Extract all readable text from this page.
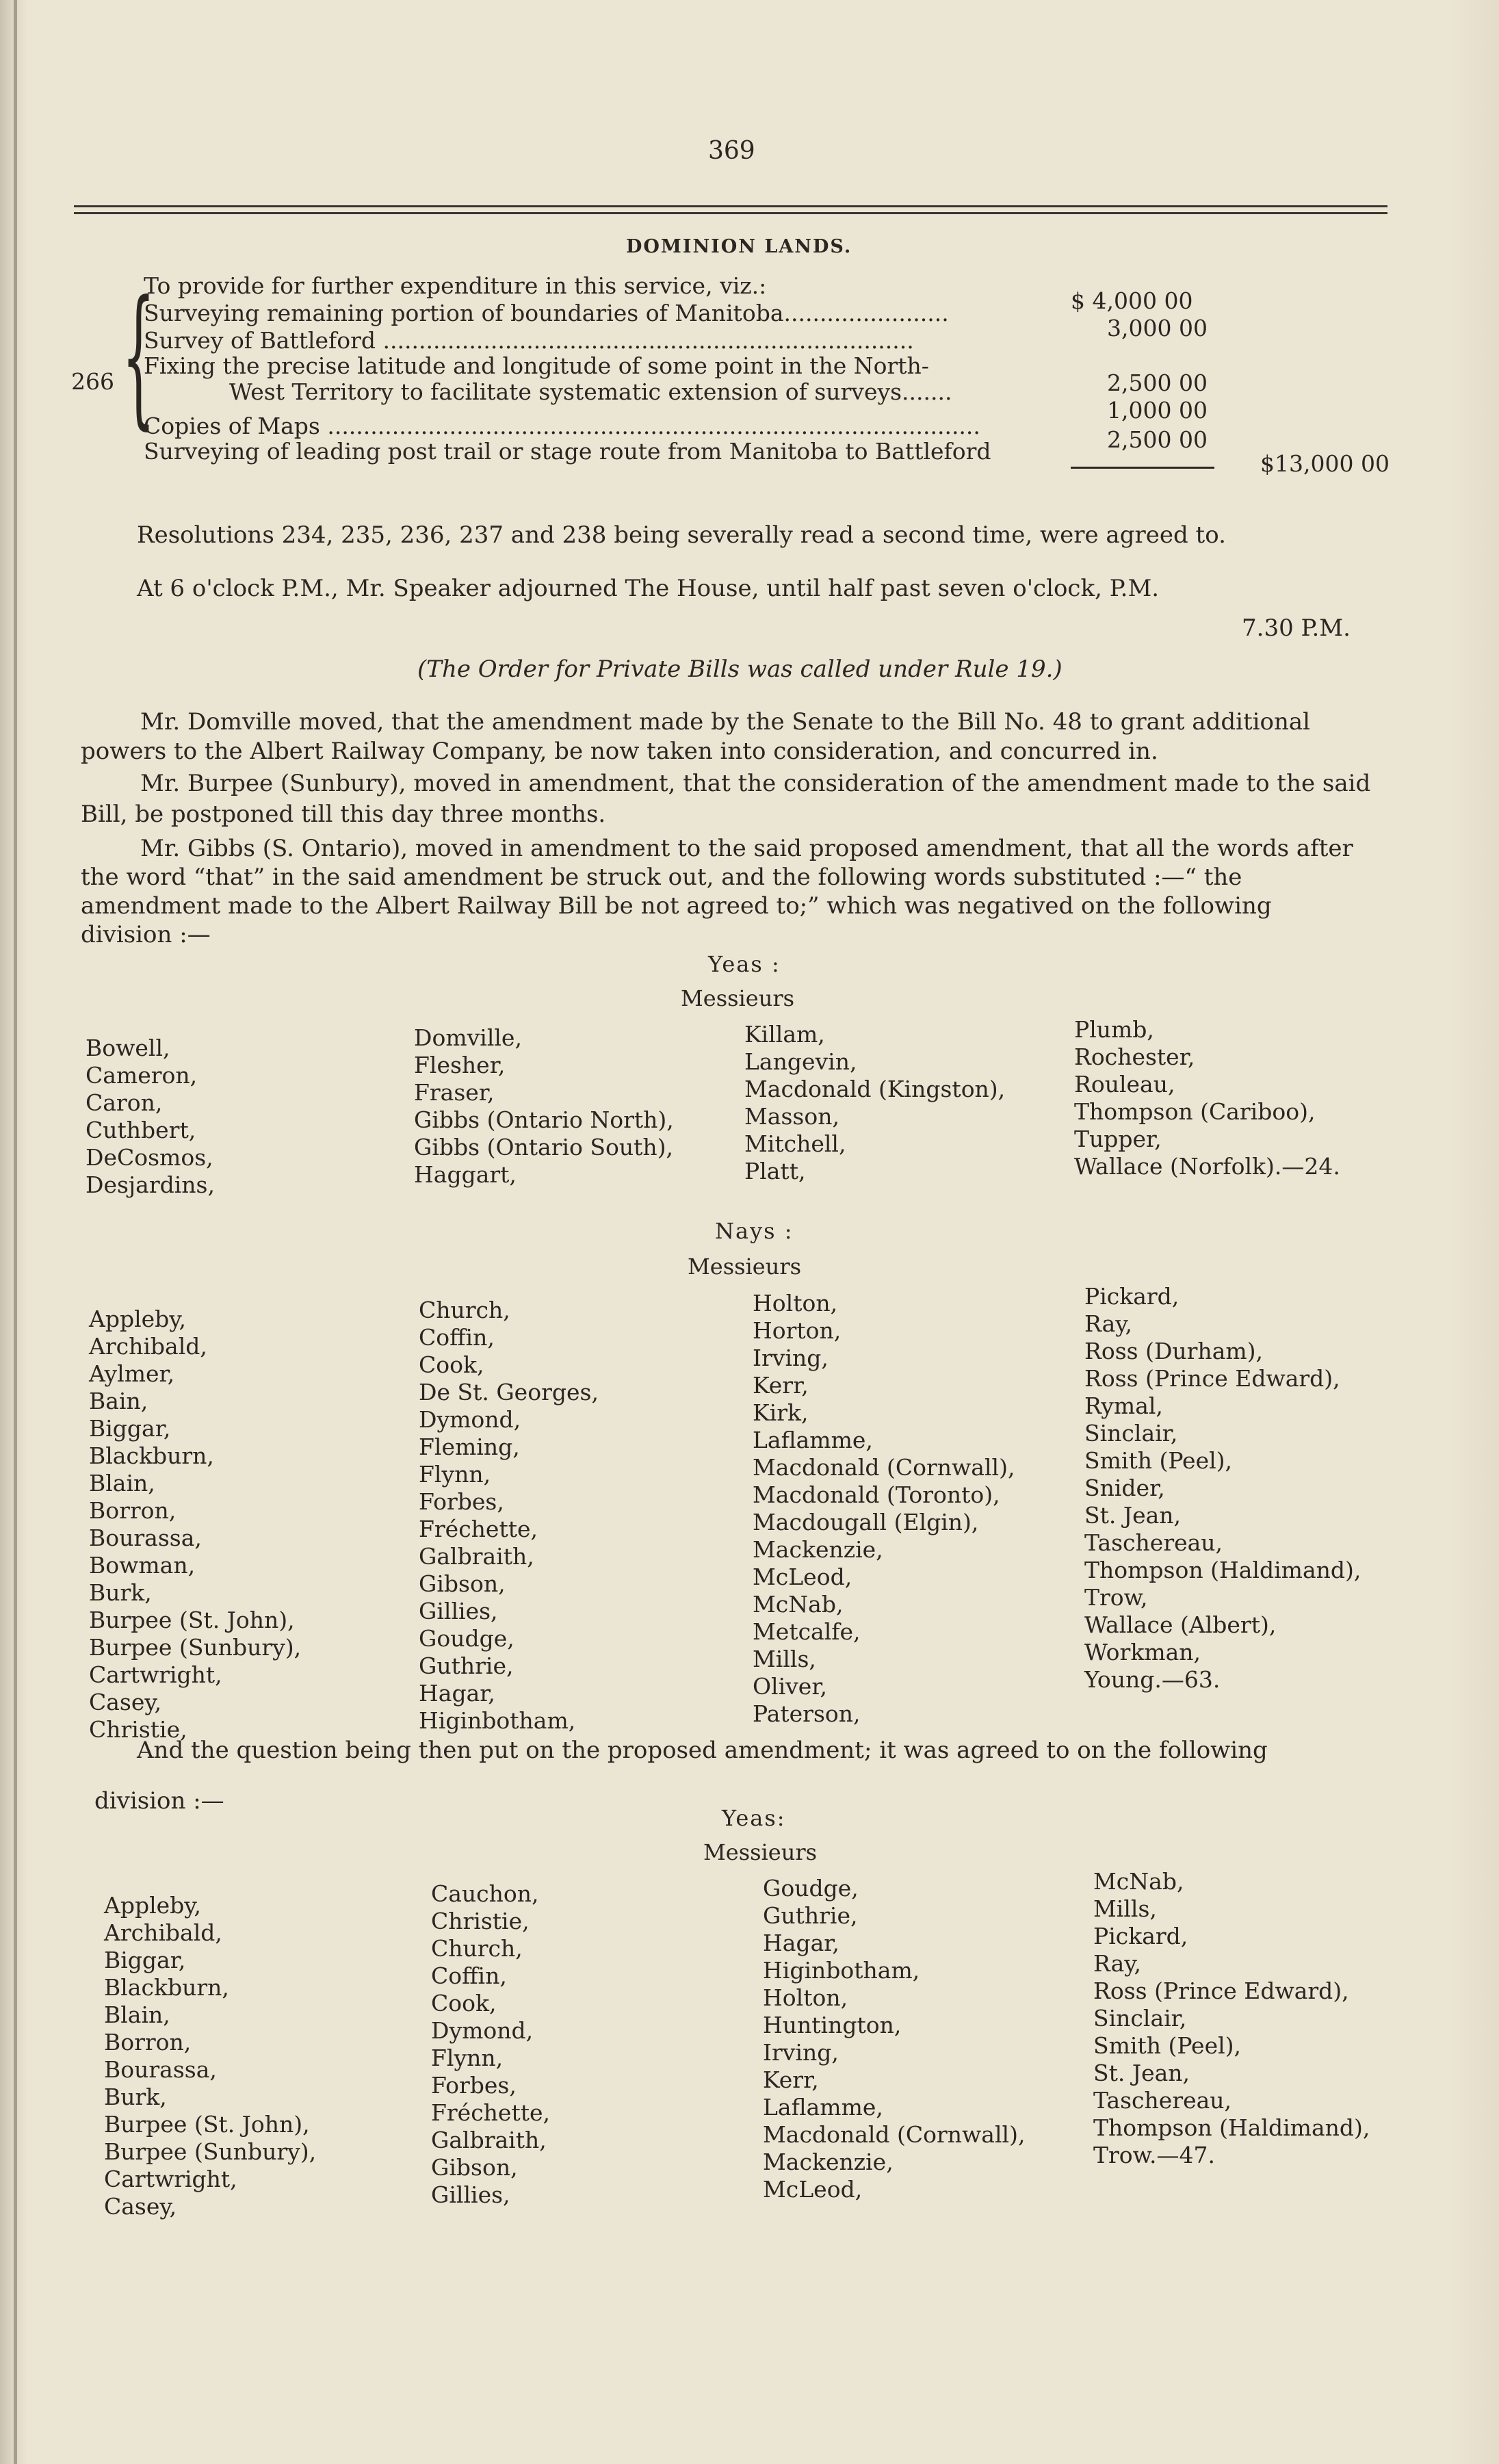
369
DOMINION LANDS.
266 {
To provide for further expenditure in this service, viz.:
Surveying remaining portion of boundaries of Manitoba.......................
Survey of Battleford ..........................................................................
Fixing the precise latitude and longitude of some point in the North-
West Territory to facilitate systematic extension of surveys.......
Copies of Maps ...........................................................................................
Surveying of leading post trail or stage route from Manitoba to Battleford
$ 4,000 00
3,000 00
2,500 00
1,000 00
2,500 00
$13,000 00
Resolutions 234, 235, 236, 237 and 238 being severally read a second time, were agreed to.
At 6 o'clock P.M., Mr. Speaker adjourned The House, until half past seven o'clock, P.M.
7.30 P.M.
(The Order for Private Bills was called under Rule 19.)
Mr. Domville moved, that the amendment made by the Senate to the Bill No. 48 to grant additional
powers to the Albert Railway Company, be now taken into consideration, and concurred in.
Mr. Burpee (Sunbury), moved in amendment, that the consideration of the amendment made to the said
Bill, be postponed till this day three months.
Mr. Gibbs (S. Ontario), moved in amendment to the said proposed amendment, that all the words after
the word “that” in the said amendment be struck out, and the following words substituted :—“ the
amendment made to the Albert Railway Bill be not agreed to;” which was negatived on the following
division :—
Yeas :
Messieurs
Bowell,
Cameron,
Caron,
Cuthbert,
DeCosmos,
Desjardins,
Domville,
Flesher,
Fraser,
Gibbs (Ontario North),
Gibbs (Ontario South),
Haggart,
Killam,
Langevin,
Macdonald (Kingston),
Masson,
Mitchell,
Platt,
Plumb,
Rochester,
Rouleau,
Thompson (Cariboo),
Tupper,
Wallace (Norfolk).—24.
Nays :
Messieurs
Appleby,
Archibald,
Aylmer,
Bain,
Biggar,
Blackburn,
Blain,
Borron,
Bourassa,
Bowman,
Burk,
Burpee (St. John),
Burpee (Sunbury),
Cartwright,
Casey,
Christie,
Church,
Coffin,
Cook,
De St. Georges,
Dymond,
Fleming,
Flynn,
Forbes,
Fréchette,
Galbraith,
Gibson,
Gillies,
Goudge,
Guthrie,
Hagar,
Higinbotham,
Holton,
Horton,
Irving,
Kerr,
Kirk,
Laflamme,
Macdonald (Cornwall),
Macdonald (Toronto),
Macdougall (Elgin),
Mackenzie,
McLeod,
McNab,
Metcalfe,
Mills,
Oliver,
Paterson,
Pickard,
Ray,
Ross (Durham),
Ross (Prince Edward),
Rymal,
Sinclair,
Smith (Peel),
Snider,
St. Jean,
Taschereau,
Thompson (Haldimand),
Trow,
Wallace (Albert),
Workman,
Young.—63.
And the question being then put on the proposed amendment; it was agreed to on the following
division :—
Yeas:
Messieurs
Appleby,
Archibald,
Biggar,
Blackburn,
Blain,
Borron,
Bourassa,
Burk,
Burpee (St. John),
Burpee (Sunbury),
Cartwright,
Casey,
Cauchon,
Christie,
Church,
Coffin,
Cook,
Dymond,
Flynn,
Forbes,
Fréchette,
Galbraith,
Gibson,
Gillies,
Goudge,
Guthrie,
Hagar,
Higinbotham,
Holton,
Huntington,
Irving,
Kerr,
Laflamme,
Macdonald (Cornwall),
Mackenzie,
McLeod,
McNab,
Mills,
Pickard,
Ray,
Ross (Prince Edward),
Sinclair,
Smith (Peel),
St. Jean,
Taschereau,
Thompson (Haldimand),
Trow.—47.
